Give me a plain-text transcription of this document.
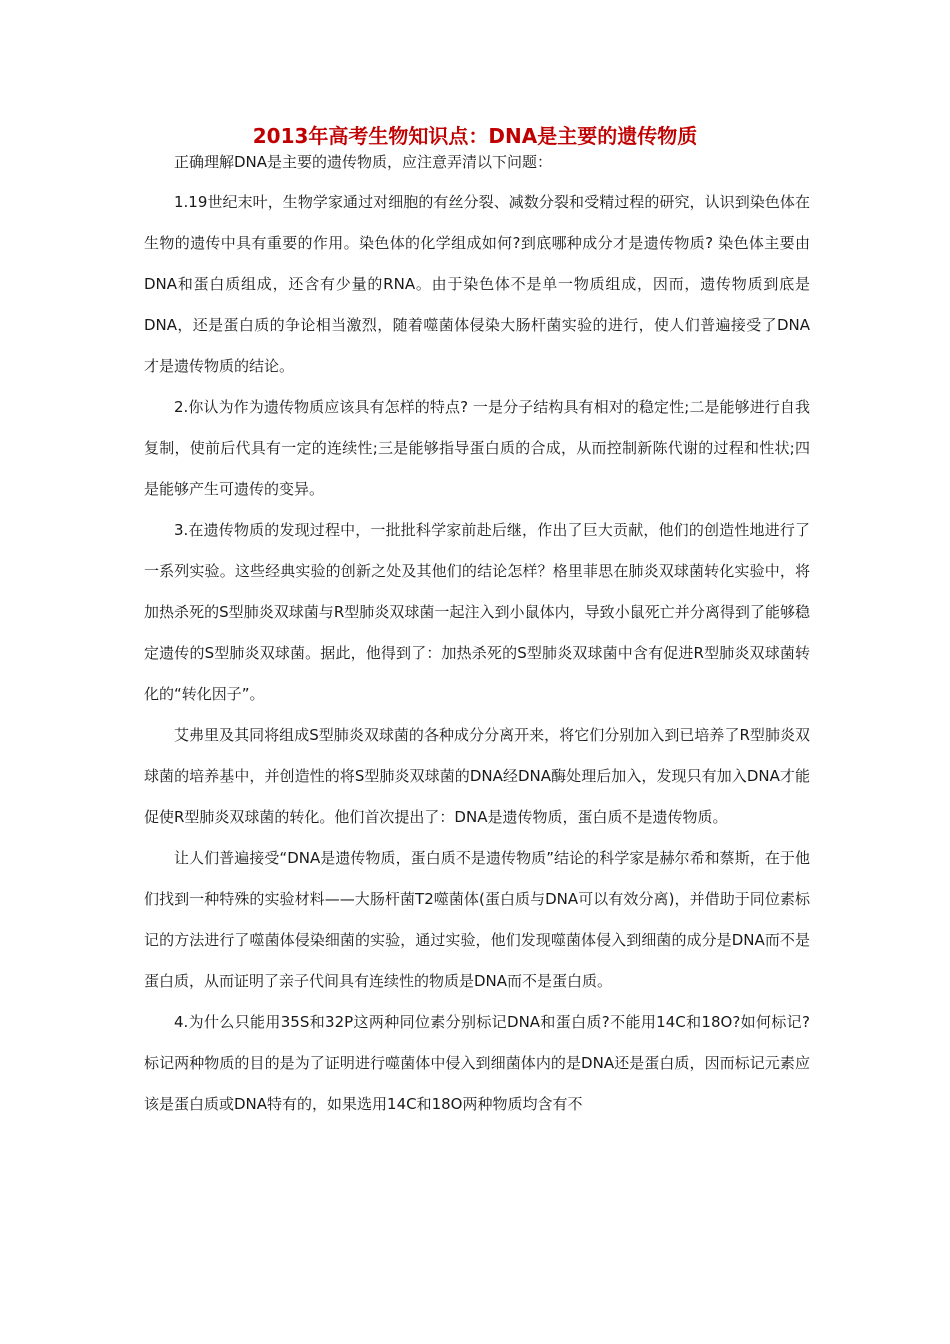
2013年高考生物知识点：DNA是主要的遗传物质

正确理解DNA是主要的遗传物质，应注意弄清以下问题：

1.19世纪末叶，生物学家通过对细胞的有丝分裂、减数分裂和受精过程的研究，认识到染色体在生物的遗传中具有重要的作用。染色体的化学组成如何?到底哪种成分才是遗传物质? 染色体主要由DNA和蛋白质组成，还含有少量的RNA。由于染色体不是单一物质组成，因而，遗传物质到底是DNA，还是蛋白质的争论相当激烈，随着噬菌体侵染大肠杆菌实验的进行，使人们普遍接受了DNA才是遗传物质的结论。

2.你认为作为遗传物质应该具有怎样的特点? 一是分子结构具有相对的稳定性;二是能够进行自我复制，使前后代具有一定的连续性;三是能够指导蛋白质的合成，从而控制新陈代谢的过程和性状;四是能够产生可遗传的变异。

3.在遗传物质的发现过程中，一批批科学家前赴后继，作出了巨大贡献，他们的创造性地进行了一系列实验。这些经典实验的创新之处及其他们的结论怎样？格里菲思在肺炎双球菌转化实验中，将加热杀死的S型肺炎双球菌与R型肺炎双球菌一起注入到小鼠体内，导致小鼠死亡并分离得到了能够稳定遗传的S型肺炎双球菌。据此，他得到了：加热杀死的S型肺炎双球菌中含有促进R型肺炎双球菌转化的“转化因子”。

艾弗里及其同将组成S型肺炎双球菌的各种成分分离开来，将它们分别加入到已培养了R型肺炎双球菌的培养基中，并创造性的将S型肺炎双球菌的DNA经DNA酶处理后加入，发现只有加入DNA才能促使R型肺炎双球菌的转化。他们首次提出了：DNA是遗传物质，蛋白质不是遗传物质。

让人们普遍接受“DNA是遗传物质，蛋白质不是遗传物质”结论的科学家是赫尔希和蔡斯，在于他们找到一种特殊的实验材料——大肠杆菌T2噬菌体(蛋白质与DNA可以有效分离)，并借助于同位素标记的方法进行了噬菌体侵染细菌的实验，通过实验，他们发现噬菌体侵入到细菌的成分是DNA而不是蛋白质，从而证明了亲子代间具有连续性的物质是DNA而不是蛋白质。

4.为什么只能用35S和32P这两种同位素分别标记DNA和蛋白质?不能用14C和18O?如何标记? 标记两种物质的目的是为了证明进行噬菌体中侵入到细菌体内的是DNA还是蛋白质，因而标记元素应该是蛋白质或DNA特有的，如果选用14C和18O两种物质均含有不
